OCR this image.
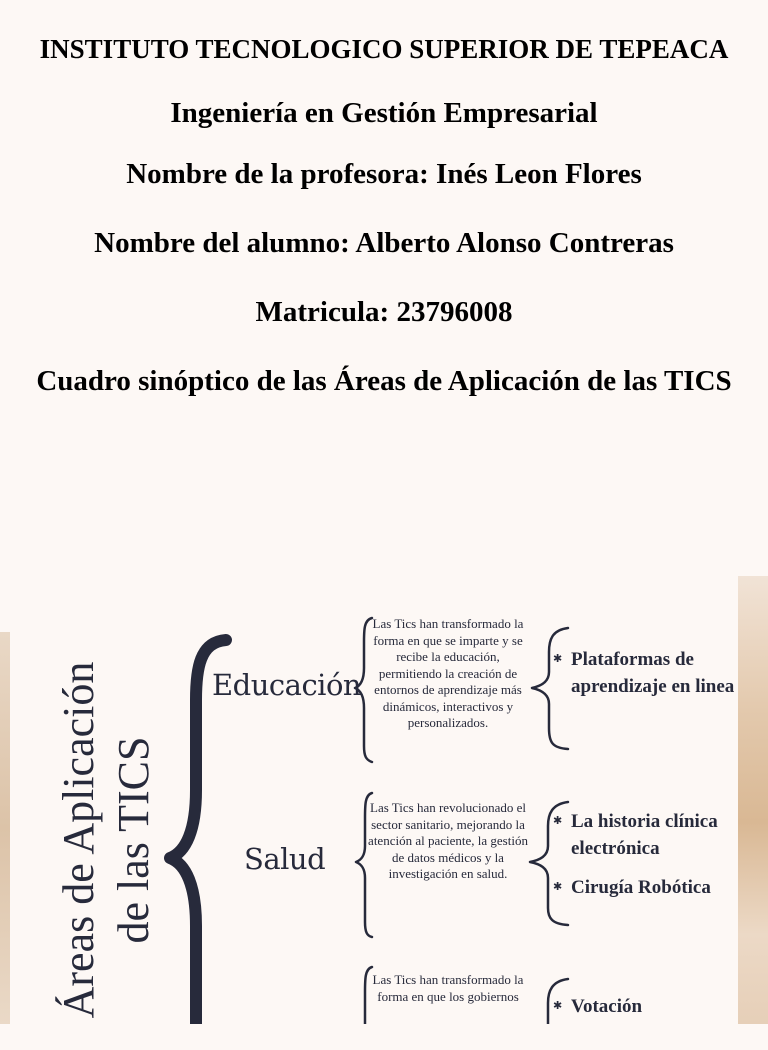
INSTITUTO TECNOLOGICO SUPERIOR DE TEPEACA
Ingeniería en Gestión Empresarial
Nombre de la profesora: Inés Leon Flores
Nombre del alumno: Alberto Alonso Contreras
Matricula: 23796008
Cuadro sinóptico de las Áreas de Aplicación de las TICS
Áreas de Aplicación de las TICS
Educación
Las Tics han transformado la forma en que se imparte y se recibe la educación, permitiendo la creación de entornos de aprendizaje más dinámicos, interactivos y personalizados.
✱ Plataformas de aprendizaje en linea
Salud
Las Tics han revolucionado el sector sanitario, mejorando la atención al paciente, la gestión de datos médicos y la investigación en salud.
✱ La historia clínica electrónica
✱ Cirugía Robótica
Las Tics han transformado la forma en que los gobiernos
✱	Votación
